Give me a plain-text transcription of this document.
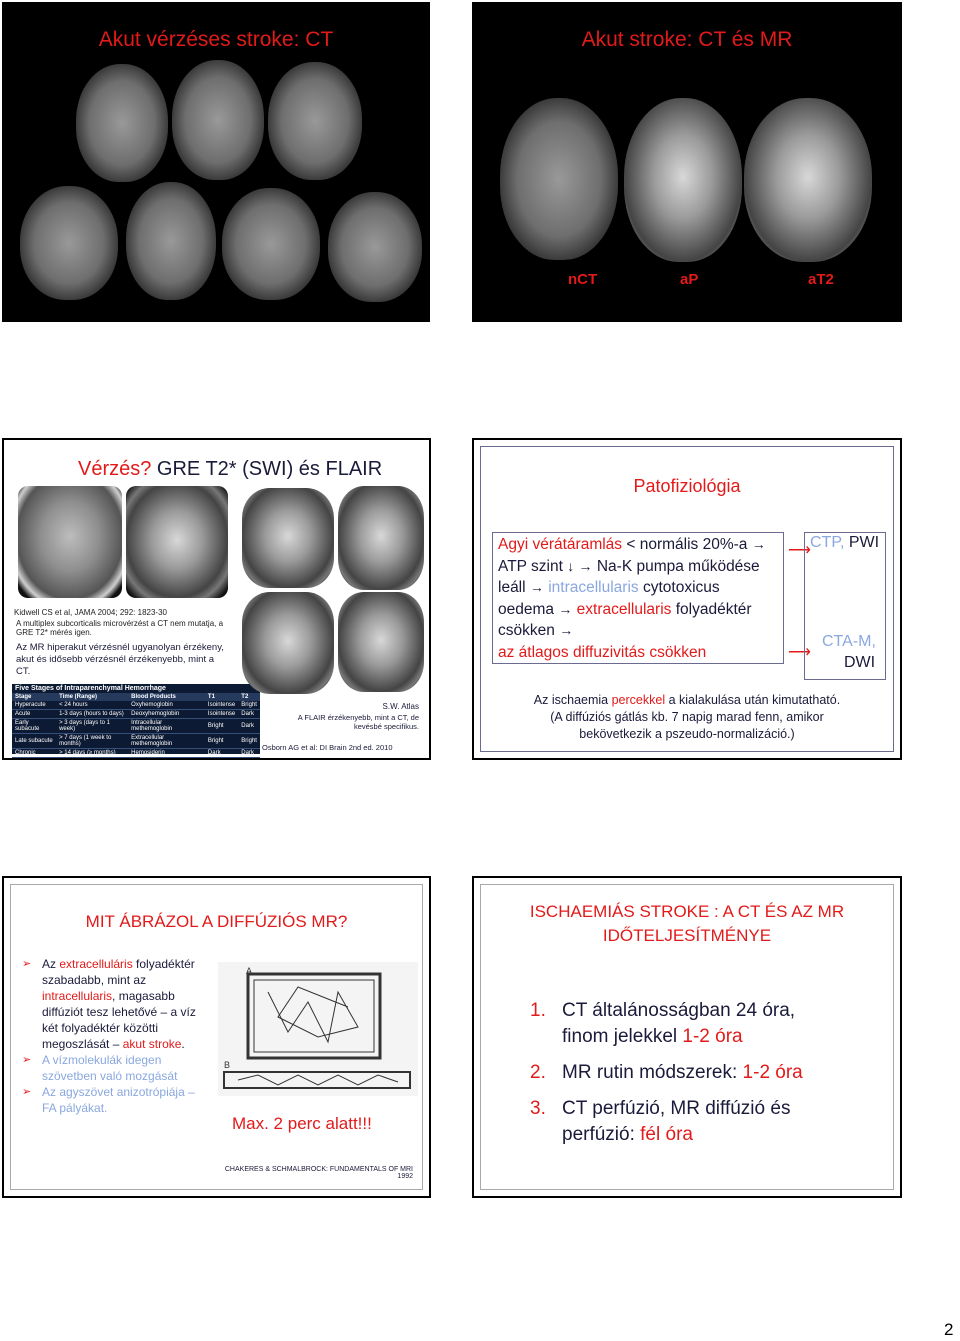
Akut vérzéses stroke: CT	Akut stroke: CT és MR
nCT	aP	aT2
Vérzés? GRE T2* (SWI) és FLAIR
Kidwell CS et al, JAMA 2004; 292: 1823-30
A multiplex subcorticalis microvérzést a CT nem mutatja, a GRE T2* mérés igen.
Az MR hiperakut vérzésnél ugyanolyan érzékeny, akut és idősebb vérzésnél érzékenyebb, mint a CT.
Five Stages of Intraparenchymal Hemorrhage
Stage	Time (Range)	Blood Products	T1	T2
Hyperacute	< 24 hours	Oxyhemoglobin	Isointense	Bright
Acute	1-3 days (hours to days)	Deoxyhemoglobin	Isointense	Dark
Early subacute	> 3 days (days to 1 week)	Intracellular methemoglobin	Bright	Dark
Late subacute	> 7 days (1 week to months)	Extracellular methemoglobin	Bright	Bright
Chronic	> 14 days (≥ months)	Hemosiderin	Dark	Dark
S.W. Atlas
A FLAIR érzékenyebb, mint a CT, de kevésbé specifikus.
Osborn AG et al: DI Brain 2nd ed. 2010
Patofiziológia
Agyi vérátáramlás < normális 20%-a →
ATP szint ↓ → Na-K pumpa működése
leáll → intracellularis cytotoxicus
oedema → extracellularis folyadéktér
csökken →
az átlagos diffuzivitás csökken
⟶
⟶
CTP, PWI
CTA-M,
DWI
Az ischaemia percekkel a kialakulása után kimutatható.
(A diffúziós gátlás kb. 7 napig marad fenn, amikor
bekövetkezik a pszeudo-normalizáció.)
MIT ÁBRÁZOL A DIFFÚZIÓS MR?
➢ Az extracelluláris folyadéktér szabadabb, mint az intracellularis, magasabb diffúziót tesz lehetővé – a víz két folyadéktér közötti megoszlását – akut stroke.
➢ A vízmolekulák idegen szövetben való mozgását
➢ Az agyszövet anizotrópiája – FA pályákat.
A
B
Max. 2 perc alatt!!!
CHAKERES & SCHMALBROCK: FUNDAMENTALS OF MRI
1992
ISCHAEMIÁS STROKE : A CT ÉS AZ MR
IDŐTELJESÍTMÉNYE
1. CT általánosságban 24 óra, finom jelekkel 1-2 óra
2. MR rutin módszerek: 1-2 óra
3. CT perfúzió, MR diffúzió és perfúzió: fél óra
2
